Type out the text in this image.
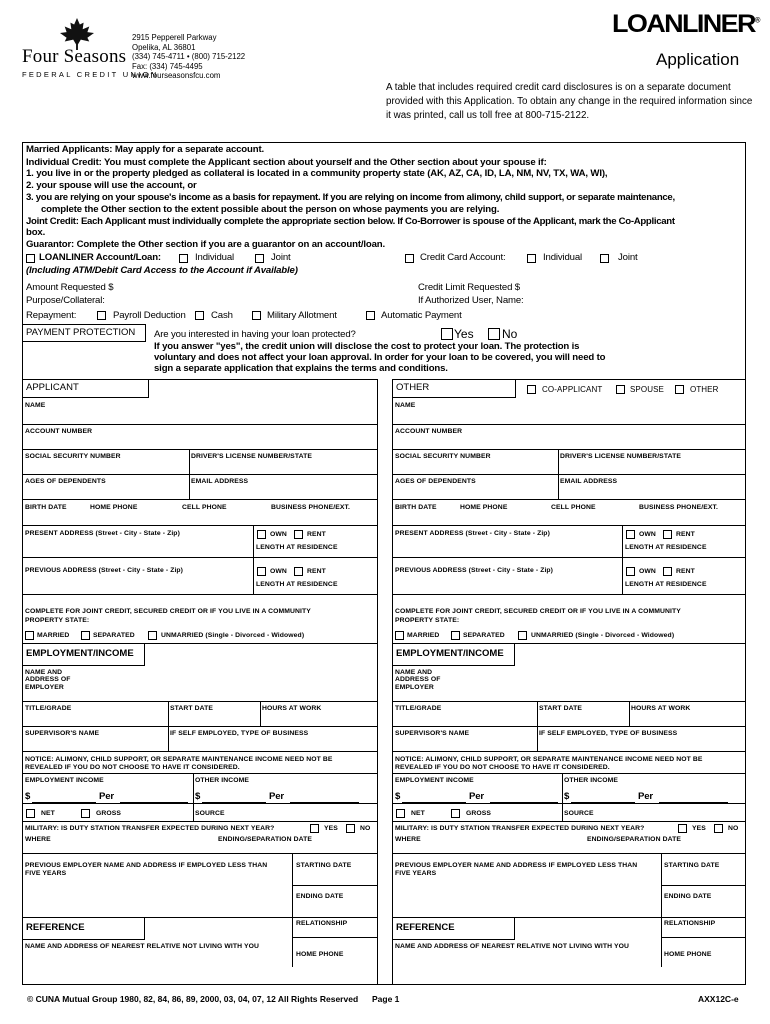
Four Seasons
FEDERAL CREDIT UNION
2915 Pepperell Parkway
Opelika, AL 36801
(334) 745-4711 • (800) 715-2122
Fax: (334) 745-4495
www.fourseasonsfcu.com
LOANLINER®
Application
A table that includes required credit card disclosures is on a separate document provided with this Application. To obtain any change in the required information since it was printed, call us toll free at 800-715-2122.
Married Applicants: May apply for a separate account.
Individual Credit: You must complete the Applicant section about yourself and the Other section about your spouse if:
1. you live in or the property pledged as collateral is located in a community property state (AK, AZ, CA, ID, LA, NM, NV, TX, WA, WI),
2. your spouse will use the account, or
3. you are relying on your spouse's income as a basis for repayment. If you are relying on income from alimony, child support, or separate maintenance,
complete the Other section to the extent possible about the person on whose payments you are relying.
Joint Credit: Each Applicant must individually complete the appropriate section below. If Co-Borrower is spouse of the Applicant, mark the Co-Applicant
box.
Guarantor: Complete the Other section if you are a guarantor on an account/loan.
LOANLINER Account/Loan:	Individual	Joint
(Including ATM/Debit Card Access to the Account if Available)
Credit Card Account:	Individual	Joint
Amount Requested $
Purpose/Collateral:
Credit Limit Requested $
If Authorized User, Name:
Repayment:	Payroll Deduction	Cash	Military Allotment	Automatic Payment
PAYMENT PROTECTION	Are you interested in having your loan protected?	Yes No
If you answer "yes", the credit union will disclose the cost to protect your loan. The protection is
voluntary and does not affect your loan approval. In order for your loan to be covered, you will need to
sign a separate application that explains the terms and conditions.
APPLICANT	OTHER	CO-APPLICANT	SPOUSE	OTHER
NAME
ACCOUNT NUMBER
SOCIAL SECURITY NUMBER	DRIVER'S LICENSE NUMBER/STATE
AGES OF DEPENDENTS	EMAIL ADDRESS
BIRTH DATE	HOME PHONE	CELL PHONE	BUSINESS PHONE/EXT.
PRESENT ADDRESS (Street - City - State - Zip)	OWN	RENT
LENGTH AT RESIDENCE
PREVIOUS ADDRESS (Street - City - State - Zip)	OWN	RENT
LENGTH AT RESIDENCE
COMPLETE FOR JOINT CREDIT, SECURED CREDIT OR IF YOU LIVE IN A COMMUNITY
PROPERTY STATE:
MARRIED	SEPARATED	UNMARRIED (Single - Divorced - Widowed)
EMPLOYMENT/INCOME
NAME AND
ADDRESS OF
EMPLOYER
TITLE/GRADE	START DATE	HOURS AT WORK
SUPERVISOR'S NAME	IF SELF EMPLOYED, TYPE OF BUSINESS
NOTICE: ALIMONY, CHILD SUPPORT, OR SEPARATE MAINTENANCE INCOME NEED NOT BE
REVEALED IF YOU DO NOT CHOOSE TO HAVE IT CONSIDERED.
EMPLOYMENT INCOME	OTHER INCOME
$	Per	$	Per
NET	GROSS	SOURCE
MILITARY: IS DUTY STATION TRANSFER EXPECTED DURING NEXT YEAR?	YES	NO
WHERE	ENDING/SEPARATION DATE
PREVIOUS EMPLOYER NAME AND ADDRESS IF EMPLOYED LESS THAN
FIVE YEARS
STARTING DATE
ENDING DATE
REFERENCE	RELATIONSHIP
NAME AND ADDRESS OF NEAREST RELATIVE NOT LIVING WITH YOU
HOME PHONE
NAME
ACCOUNT NUMBER
SOCIAL SECURITY NUMBER	DRIVER'S LICENSE NUMBER/STATE
AGES OF DEPENDENTS	EMAIL ADDRESS
BIRTH DATE	HOME PHONE	CELL PHONE	BUSINESS PHONE/EXT.
PRESENT ADDRESS (Street - City - State - Zip)	OWN	RENT
LENGTH AT RESIDENCE
PREVIOUS ADDRESS (Street - City - State - Zip)	OWN	RENT
LENGTH AT RESIDENCE
COMPLETE FOR JOINT CREDIT, SECURED CREDIT OR IF YOU LIVE IN A COMMUNITY
PROPERTY STATE:
MARRIED	SEPARATED	UNMARRIED (Single - Divorced - Widowed)
EMPLOYMENT/INCOME
NAME AND
ADDRESS OF
EMPLOYER
TITLE/GRADE	START DATE	HOURS AT WORK
SUPERVISOR'S NAME	IF SELF EMPLOYED, TYPE OF BUSINESS
NOTICE: ALIMONY, CHILD SUPPORT, OR SEPARATE MAINTENANCE INCOME NEED NOT BE
REVEALED IF YOU DO NOT CHOOSE TO HAVE IT CONSIDERED.
EMPLOYMENT INCOME	OTHER INCOME
$	Per	$	Per
NET	GROSS	SOURCE
MILITARY: IS DUTY STATION TRANSFER EXPECTED DURING NEXT YEAR?	YES	NO
WHERE	ENDING/SEPARATION DATE
PREVIOUS EMPLOYER NAME AND ADDRESS IF EMPLOYED LESS THAN
FIVE YEARS
STARTING DATE
ENDING DATE
REFERENCE	RELATIONSHIP
NAME AND ADDRESS OF NEAREST RELATIVE NOT LIVING WITH YOU
HOME PHONE
© CUNA Mutual Group 1980, 82, 84, 86, 89, 2000, 03, 04, 07, 12 All Rights Reserved Page 1	AXX12C-e
